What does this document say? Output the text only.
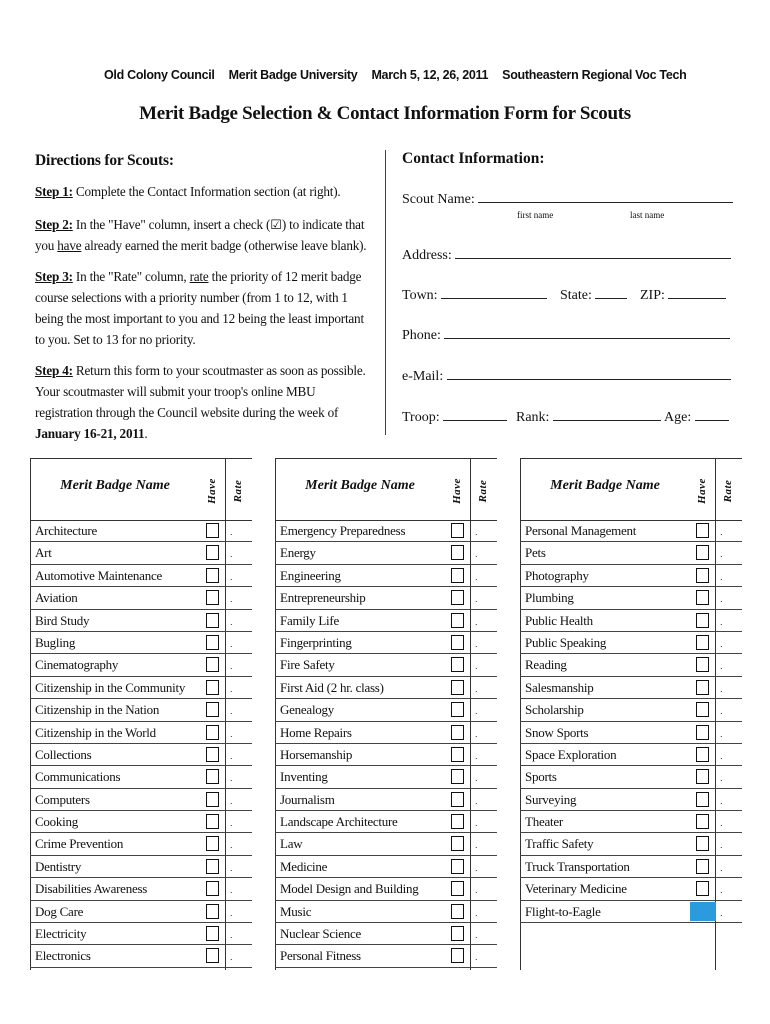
Old Colony Council Merit Badge University March 5, 12, 26, 2011 Southeastern Regional Voc Tech
Merit Badge Selection & Contact Information Form for Scouts
Directions for Scouts:

Step 1: Complete the Contact Information section (at right).

Step 2: In the "Have" column, insert a check (☑) to indicate that you have already earned the merit badge (otherwise leave blank).

Step 3: In the "Rate" column, rate the priority of 12 merit badge course selections with a priority number (from 1 to 12, with 1 being the most important to you and 12 being the least important to you. Set to 13 for no priority.

Step 4: Return this form to your scoutmaster as soon as possible. Your scoutmaster will submit your troop's online MBU registration through the Council website during the week of January 16-21, 2011.

Contact Information:
Scout Name:
first name	last name
Address:
Town:	State:	ZIP:
Phone:
e-Mail:
Troop:	Rank:	Age:
Merit Badge Name	Have Rate
Architecture	.
Art	.
Automotive Maintenance	.
Aviation	.
Bird Study	.
Bugling	.
Cinematography	.
Citizenship in the Community	.
Citizenship in the Nation	.
Citizenship in the World	.
Collections	.
Communications	.
Computers	.
Cooking	.
Crime Prevention	.
Dentistry	.
Disabilities Awareness	.
Dog Care	.
Electricity	.
Electronics	.
Merit Badge Name	Have Rate
Emergency Preparedness	.
Energy	.
Engineering	.
Entrepreneurship	.
Family Life	.
Fingerprinting	.
Fire Safety	.
First Aid (2 hr. class)	.
Genealogy	.
Home Repairs	.
Horsemanship	.
Inventing	.
Journalism	.
Landscape Architecture	.
Law	.
Medicine	.
Model Design and Building	.
Music	.
Nuclear Science	.
Personal Fitness	.
Merit Badge Name	Have Rate
Personal Management	.
Pets	.
Photography	.
Plumbing	.
Public Health	.
Public Speaking	.
Reading	.
Salesmanship	.
Scholarship	.
Snow Sports	.
Space Exploration	.
Sports	.
Surveying	.
Theater	.
Traffic Safety	.
Truck Transportation	.
Veterinary Medicine	.
Flight-to-Eagle	.
